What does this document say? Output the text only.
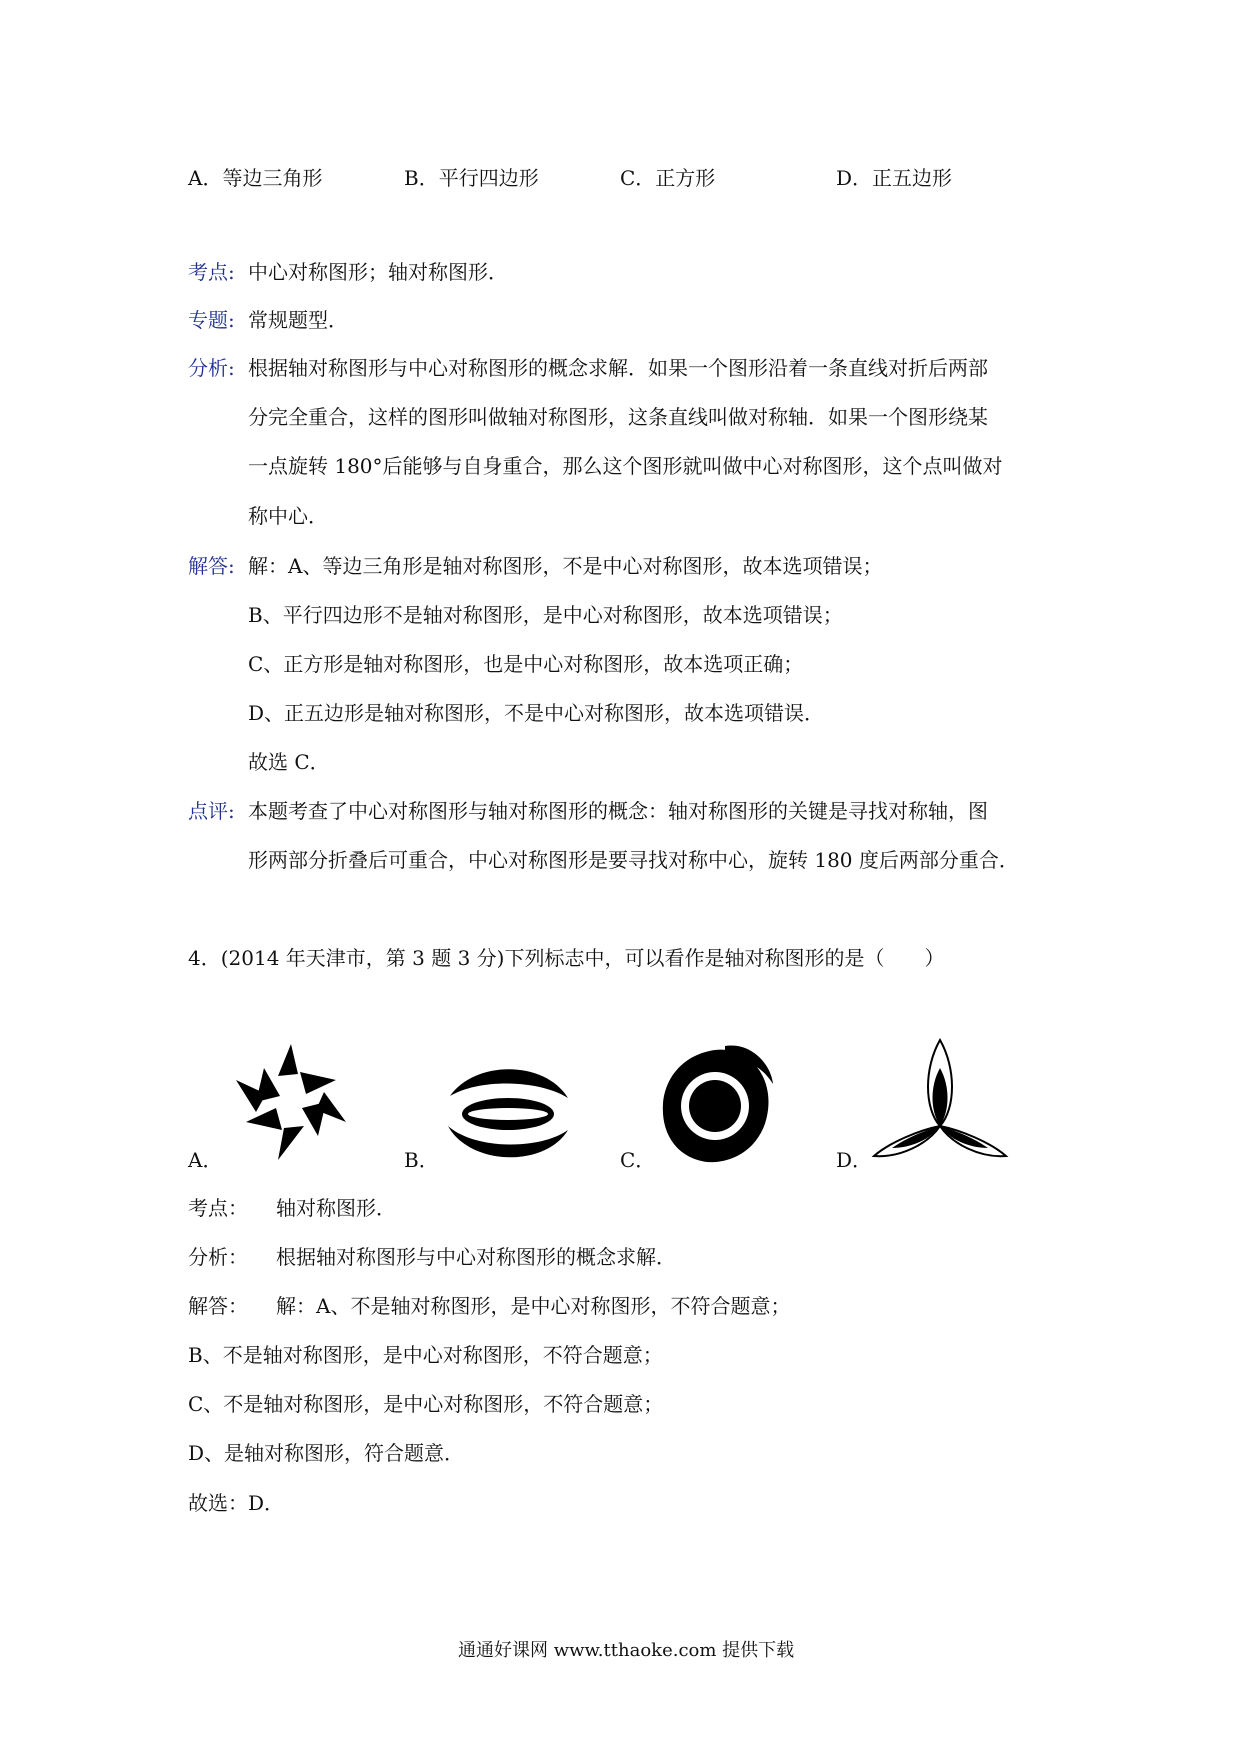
A．等边三角形	B．平行四边形	C．正方形	D．正五边形
考点: 中心对称图形；轴对称图形．
专题: 常规题型．
分析: 根据轴对称图形与中心对称图形的概念求解．如果一个图形沿着一条直线对折后两部
分完全重合，这样的图形叫做轴对称图形，这条直线叫做对称轴．如果一个图形绕某
一点旋转 180°后能够与自身重合，那么这个图形就叫做中心对称图形，这个点叫做对
称中心．
解答: 解：A、等边三角形是轴对称图形，不是中心对称图形，故本选项错误；
B、平行四边形不是轴对称图形，是中心对称图形，故本选项错误；
C、正方形是轴对称图形，也是中心对称图形，故本选项正确；
D、正五边形是轴对称图形，不是中心对称图形，故本选项错误．
故选 C．
点评: 本题考查了中心对称图形与轴对称图形的概念：轴对称图形的关键是寻找对称轴，图
形两部分折叠后可重合，中心对称图形是要寻找对称中心，旋转 180 度后两部分重合．
4．(2014 年天津市，第 3 题 3 分)下列标志中，可以看作是轴对称图形的是（　　）
A．	B．	C．	D．
考点： 轴对称图形．
分析： 根据轴对称图形与中心对称图形的概念求解．
解答： 解：A、不是轴对称图形，是中心对称图形，不符合题意；
B、不是轴对称图形，是中心对称图形，不符合题意；
C、不是轴对称图形，是中心对称图形，不符合题意；
D、是轴对称图形，符合题意．
故选：D．
通通好课网 www.tthaoke.com 提供下载
